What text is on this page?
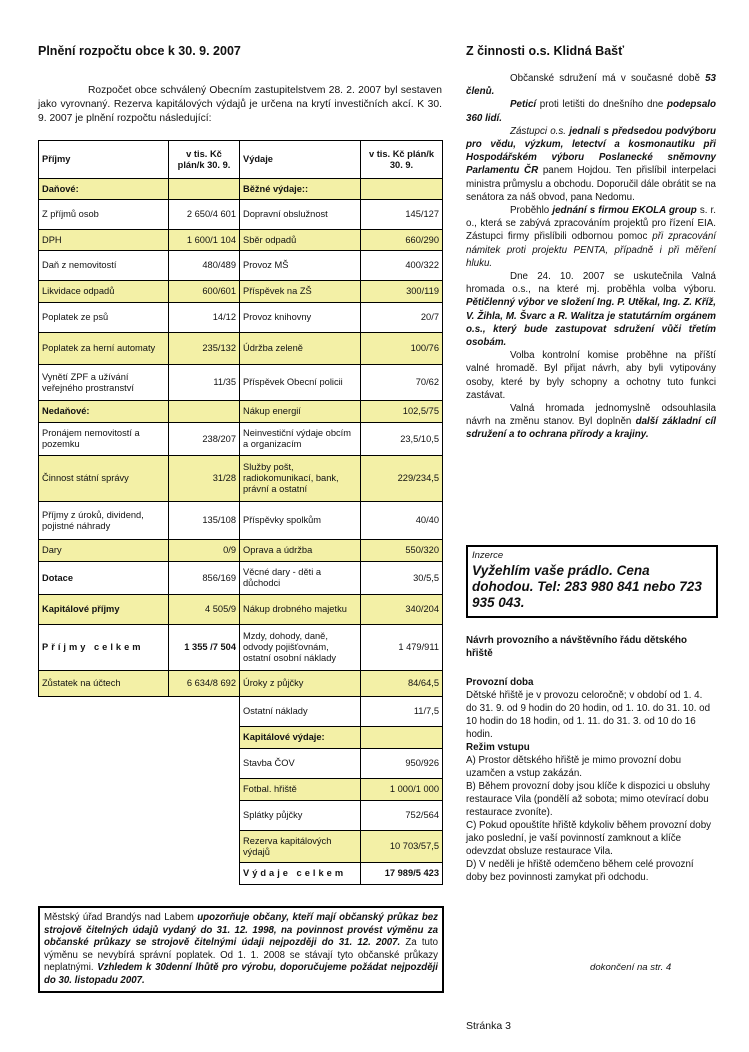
Plnění rozpočtu obce k 30. 9. 2007

Rozpočet obce schválený Obecním zastupitelstvem 28. 2. 2007 byl sestaven jako vyrovnaný. Rezerva kapitálových výdajů je určena na krytí investičních akcí. K 30. 9. 2007 je plnění rozpočtu následující:

Příjmy	v tis. Kč plán/k 30. 9.	Výdaje	v tis. Kč plán/k 30. 9.
Daňové:		Běžné výdaje::	
Z příjmů osob	2 650/4 601	Dopravní obslužnost	145/127
DPH	1 600/1 104	Sběr odpadů	660/290
Daň z nemovitostí	480/489	Provoz MŠ	400/322
Likvidace odpadů	600/601	Příspěvek na ZŠ	300/119
Poplatek ze psů	14/12	Provoz knihovny	20/7
Poplatek za herní automaty	235/132	Údržba zeleně	100/76
Vynětí ZPF a užívání veřejného prostranství	11/35	Příspěvek Obecní policii	70/62
Nedaňové:		Nákup energií	102,5/75
Pronájem nemovitostí a pozemku	238/207	Neinvestiční výdaje obcím a organizacím	23,5/10,5
Činnost státní správy	31/28	Služby pošt, radiokomunikací, bank, právní a ostatní	229/234,5
Příjmy z úroků, dividend, pojistné náhrady	135/108	Příspěvky spolkům	40/40
Dary	0/9	Oprava a údržba	550/320
Dotace	856/169	Věcné dary - děti a důchodci	30/5,5
Kapitálové příjmy	4 505/9	Nákup drobného majetku	340/204
Příjmy celkem	1 355 /7 504	Mzdy, dohody, daně, odvody pojišťovnám, ostatní osobní náklady	1 479/911
Zůstatek na účtech	6 634/8 692	Úroky z půjčky	84/64,5
		Ostatní náklady	11/7,5
		Kapitálové výdaje:	
		Stavba ČOV	950/926
		Fotbal. hřiště	1 000/1 000
		Splátky půjčky	752/564
		Rezerva kapitálových výdajů	10 703/57,5
		Výdaje celkem	17 989/5 423
Městský úřad Brandýs nad Labem upozorňuje občany, kteří mají občanský průkaz bez strojově čitelných údajů vydaný do 31. 12. 1998, na povinnost provést výměnu za občanské průkazy se strojově čitelnými údaji nejpozději do 31. 12. 2007. Za tuto výměnu se nevybírá správní poplatek. Od 1. 1. 2008 se stávají tyto občanské průkazy neplatnými. Vzhledem k 30denní lhůtě pro výrobu, doporučujeme požádat nejpozději do 30. listopadu 2007.
Z činnosti o.s. Klidná Bašť

Občanské sdružení má v současné době 53 členů.

Peticí proti letišti do dnešního dne podepsalo 360 lidí.

Zástupci o.s. jednali s předsedou podvýboru pro vědu, výzkum, letectví a kosmonautiku při Hospodářském výboru Poslanecké sněmovny Parlamentu ČR panem Hojdou. Ten přislíbil interpelaci ministra průmyslu a obchodu. Doporučil dále obrátit se na senátora za náš obvod, pana Nedomu.

Proběhlo jednání s firmou EKOLA group s. r. o., která se zabývá zpracováním projektů pro řízení EIA. Zástupci firmy přislíbili odbornou pomoc při zpracování námitek proti projektu PENTA, případně i při měření hluku.

Dne 24. 10. 2007 se uskutečnila Valná hromada o.s., na které mj. proběhla volba výboru. Pětičlenný výbor ve složení Ing. P. Utěkal, Ing. Z. Kříž, V. Žihla, M. Švarc a R. Walitza je statutárním orgánem o.s., který bude zastupovat sdružení vůči třetím osobám.

Volba kontrolní komise proběhne na příští valné hromadě. Byl přijat návrh, aby byli vytipovány osoby, které by byly schopny a ochotny tuto funkci zastávat.

Valná hromada jednomyslně odsouhlasila návrh na změnu stanov. Byl doplněn další základní cíl sdružení a to ochrana přírody a krajiny.

Inzerce
Vyžehlím vaše prádlo. Cena dohodou. Tel: 283 980 841 nebo 723 935 043.
Návrh provozního a návštěvního řádu dětského hřiště
Provozní doba

Dětské hřiště je v provozu celoročně; v období od 1. 4. do 31. 9. od 9 hodin do 20 hodin, od 1. 10. do 31. 10. od 10 hodin do 18 hodin, od 1. 11. do 31. 3. od 10 do 16 hodin.

Režim vstupu

A) Prostor dětského hřiště je mimo provozní dobu uzamčen a vstup zakázán.

B) Během provozní doby jsou klíče k dispozici u obsluhy restaurace Vila (pondělí až sobota; mimo otevírací dobu restaurace zvoníte).

C) Pokud opouštíte hřiště kdykoliv během provozní doby jako poslední, je vaší povinností zamknout a klíče odevzdat obsluze restaurace Vila.

D) V neděli je hřiště odemčeno během celé provozní doby bez povinnosti zamykat při odchodu.

dokončení na str. 4
Stránka 3
